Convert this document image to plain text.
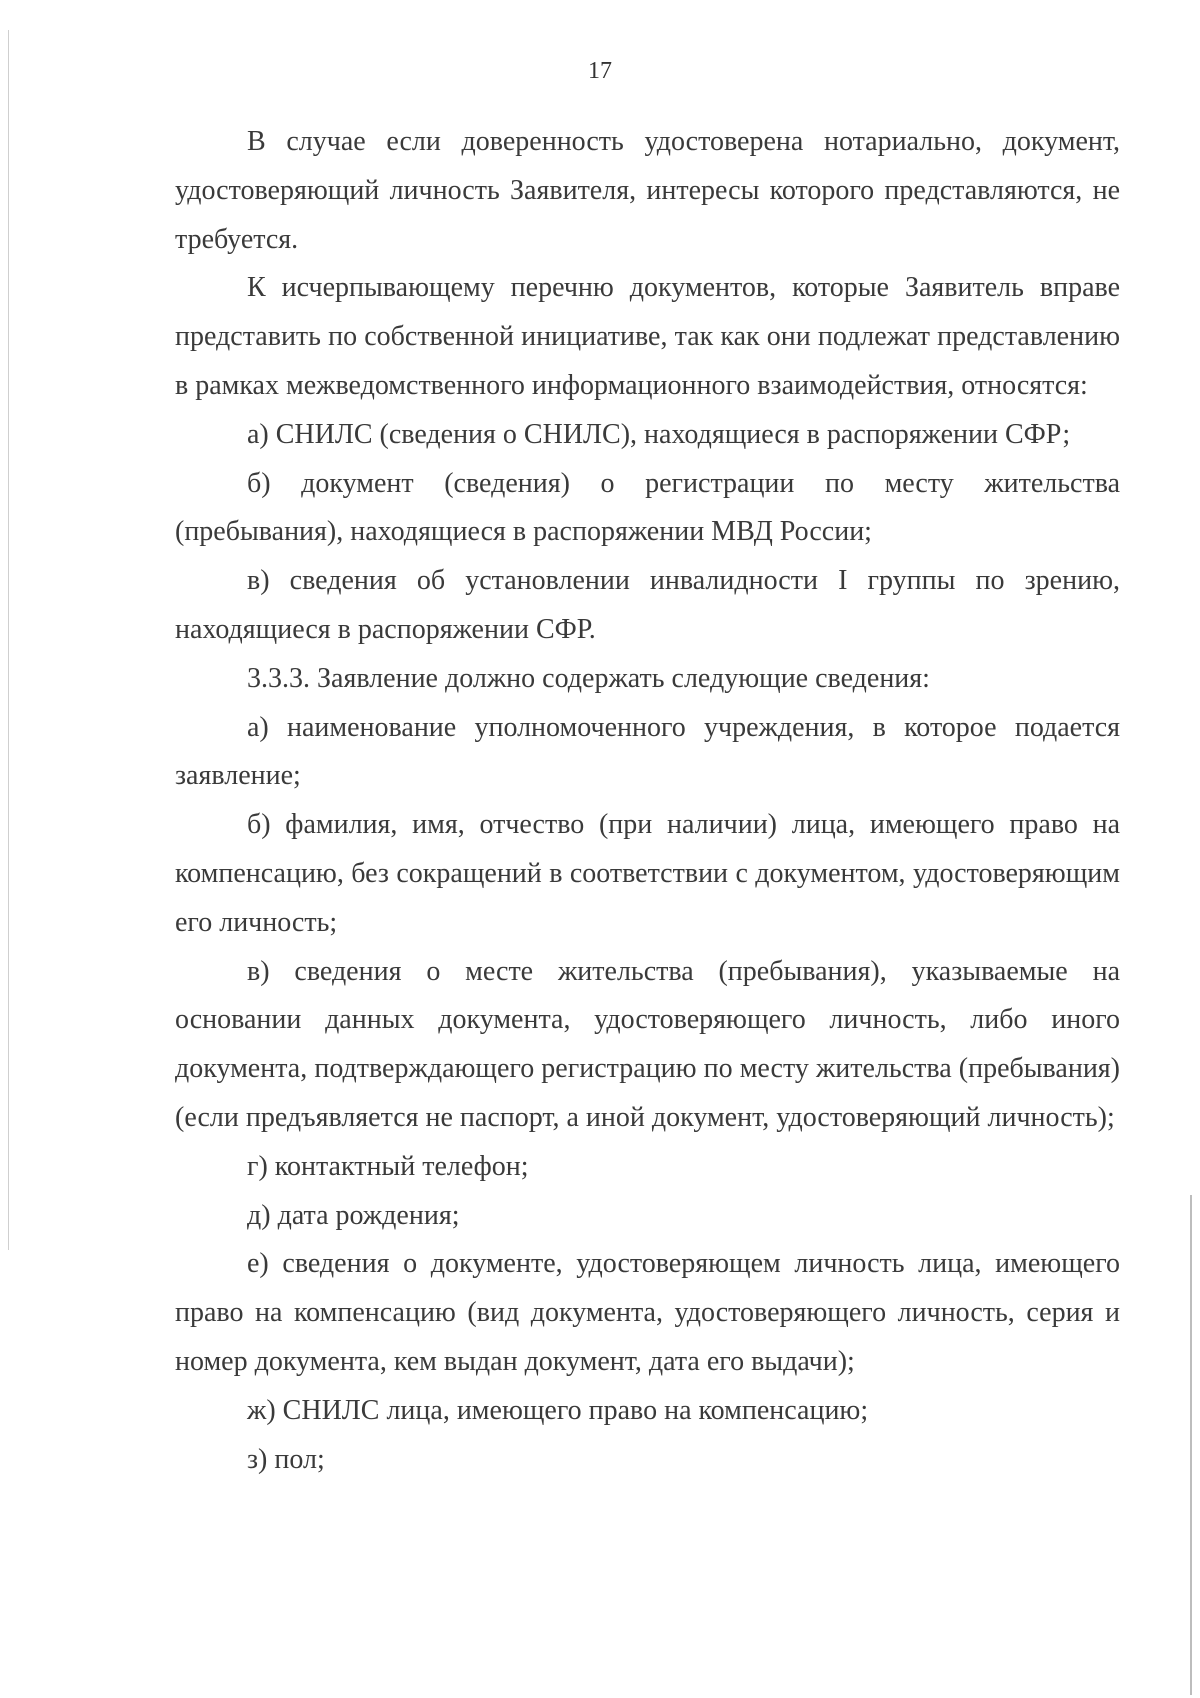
17

В случае если доверенность удостоверена нотариально, документ, удостоверяющий личность Заявителя, интересы которого представляются, не требуется.

К исчерпывающему перечню документов, которые Заявитель вправе представить по собственной инициативе, так как они подлежат представлению в рамках межведомственного информационного взаимодействия, относятся:

а) СНИЛС (сведения о СНИЛС), находящиеся в распоряжении СФР;

б) документ (сведения) о регистрации по месту жительства (пребывания), находящиеся в распоряжении МВД России;

в) сведения об установлении инвалидности I группы по зрению, находящиеся в распоряжении СФР.

3.3.3. Заявление должно содержать следующие сведения:

а) наименование уполномоченного учреждения, в которое подается заявление;

б) фамилия, имя, отчество (при наличии) лица, имеющего право на компенсацию, без сокращений в соответствии с документом, удостоверяющим его личность;

в) сведения о месте жительства (пребывания), указываемые на основании данных документа, удостоверяющего личность, либо иного документа, подтверждающего регистрацию по месту жительства (пребывания) (если предъявляется не паспорт, а иной документ, удостоверяющий личность);

г) контактный телефон;

д) дата рождения;

е) сведения о документе, удостоверяющем личность лица, имеющего право на компенсацию (вид документа, удостоверяющего личность, серия и номер документа, кем выдан документ, дата его выдачи);

ж) СНИЛС лица, имеющего право на компенсацию;

з) пол;
